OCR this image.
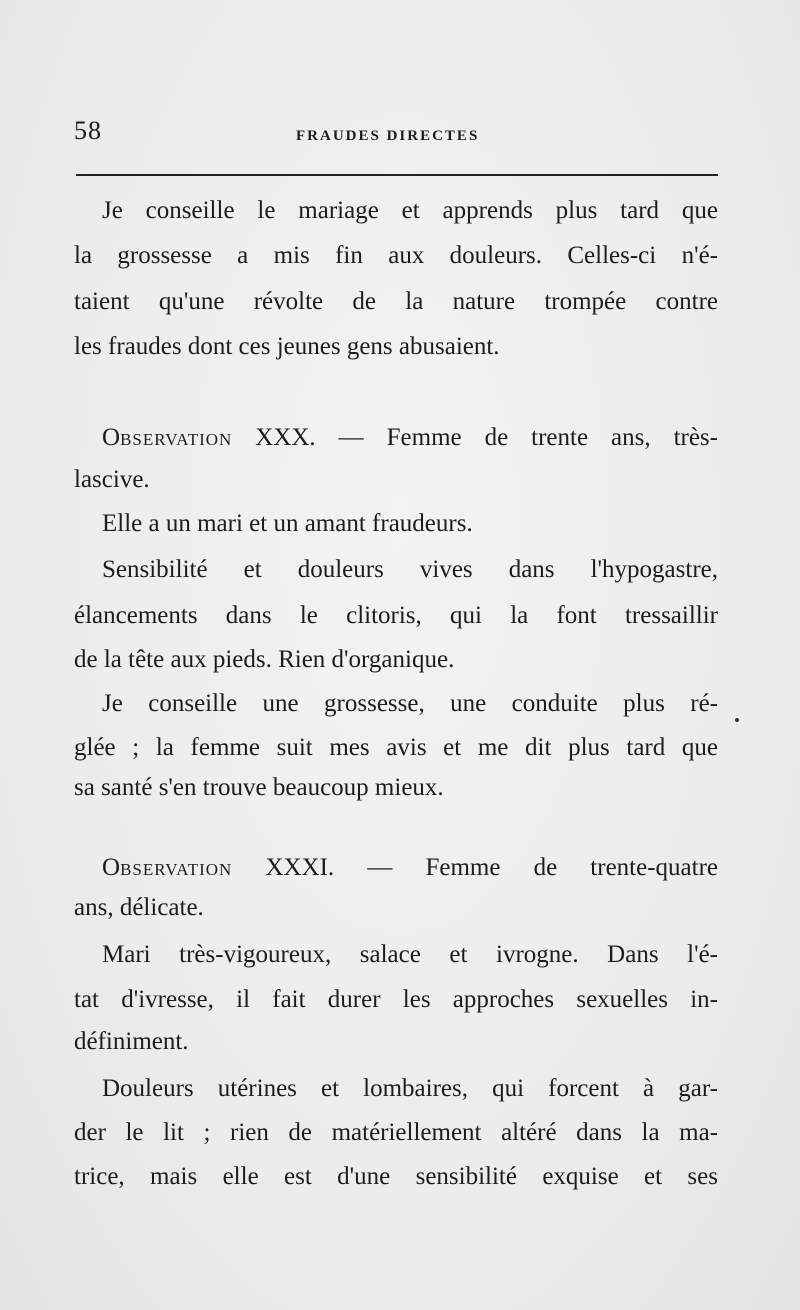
58	FRAUDES DIRECTES
Je conseille le mariage et apprends plus tard que
la grossesse a mis fin aux douleurs. Celles-ci n'é-
taient qu'une révolte de la nature trompée contre
les fraudes dont ces jeunes gens abusaient.
OBSERVATION XXX. — Femme de trente ans, très-
lascive.
Elle a un mari et un amant fraudeurs.
Sensibilité et douleurs vives dans l'hypogastre,
élancements dans le clitoris, qui la font tressaillir
de la tête aux pieds. Rien d'organique.
Je conseille une grossesse, une conduite plus ré-
glée ; la femme suit mes avis et me dit plus tard que
sa santé s'en trouve beaucoup mieux.
OBSERVATION XXXI. — Femme de trente-quatre
ans, délicate.
Mari très-vigoureux, salace et ivrogne. Dans l'é-
tat d'ivresse, il fait durer les approches sexuelles in-
définiment.
Douleurs utérines et lombaires, qui forcent à gar-
der le lit ; rien de matériellement altéré dans la ma-
trice, mais elle est d'une sensibilité exquise et ses
